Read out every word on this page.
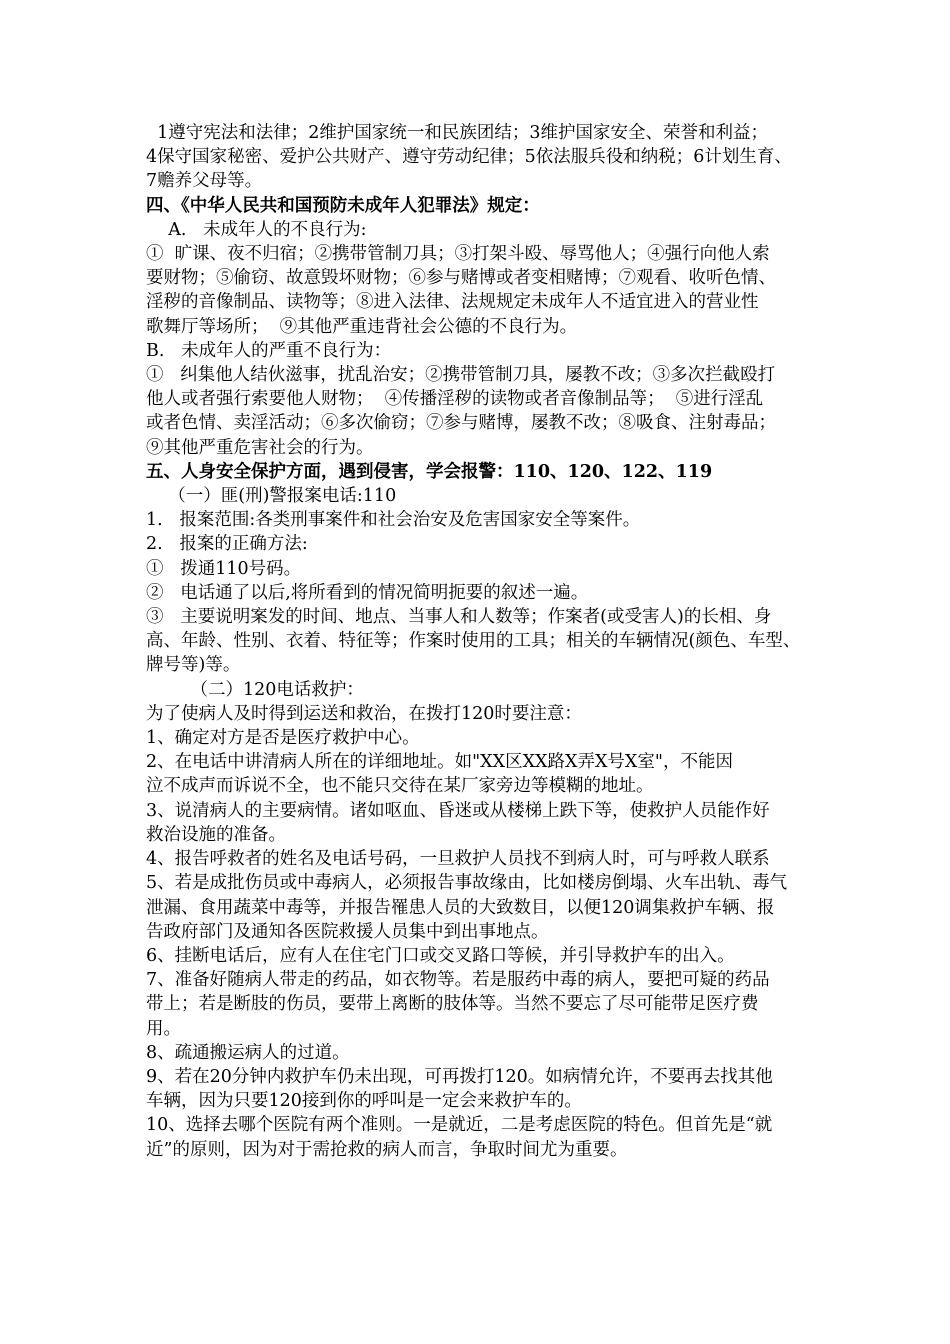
1遵守宪法和法律；2维护国家统一和民族团结；3维护国家安全、荣誉和利益；
4保守国家秘密、爱护公共财产、遵守劳动纪律；5依法服兵役和纳税；6计划生育、
7赡养父母等。
四、《中华人民共和国预防未成年人犯罪法》规定：
A.   未成年人的不良行为:
①  旷课、夜不归宿；②携带管制刀具；③打架斗殴、辱骂他人；④强行向他人索
要财物；⑤偷窃、故意毁坏财物；⑥参与赌博或者变相赌博；⑦观看、收听色情、
淫秽的音像制品、读物等；⑧进入法律、法规规定未成年人不适宜进入的营业性
歌舞厅等场所；  ⑨其他严重违背社会公德的不良行为。
B.   未成年人的严重不良行为：
①   纠集他人结伙滋事，扰乱治安；②携带管制刀具，屡教不改；③多次拦截殴打
他人或者强行索要他人财物；  ④传播淫秽的读物或者音像制品等；  ⑤进行淫乱
或者色情、卖淫活动；⑥多次偷窃；⑦参与赌博，屡教不改；⑧吸食、注射毒品；
⑨其他严重危害社会的行为。
五、人身安全保护方面，遇到侵害，学会报警：110、120、122、119
（一）匪(刑)警报案电话:110
1.   报案范围:各类刑事案件和社会治安及危害国家安全等案件。
2.   报案的正确方法:
①   拨通110号码。
②   电话通了以后,将所看到的情况简明扼要的叙述一遍。
③   主要说明案发的时间、地点、当事人和人数等；作案者(或受害人)的长相、身
高、年龄、性别、衣着、特征等；作案时使用的工具；相关的车辆情况(颜色、车型、
牌号等)等。
（二）120电话救护：
为了使病人及时得到运送和救治，在拨打120时要注意：
1、确定对方是否是医疗救护中心。
2、在电话中讲清病人所在的详细地址。如"XX区XX路X弄X号X室"，不能因
泣不成声而诉说不全，也不能只交待在某厂家旁边等模糊的地址。
3、说清病人的主要病情。诸如呕血、昏迷或从楼梯上跌下等，使救护人员能作好
救治设施的准备。
4、报告呼救者的姓名及电话号码，一旦救护人员找不到病人时，可与呼救人联系
5、若是成批伤员或中毒病人，必须报告事故缘由，比如楼房倒塌、火车出轨、毒气
泄漏、食用蔬菜中毒等，并报告罹患人员的大致数目，以便120调集救护车辆、报
告政府部门及通知各医院救援人员集中到出事地点。
6、挂断电话后，应有人在住宅门口或交叉路口等候，并引导救护车的出入。
7、准备好随病人带走的药品，如衣物等。若是服药中毒的病人，要把可疑的药品
带上；若是断肢的伤员，要带上离断的肢体等。当然不要忘了尽可能带足医疗费
用。
8、疏通搬运病人的过道。
9、若在20分钟内救护车仍未出现，可再拨打120。如病情允许，不要再去找其他
车辆，因为只要120接到你的呼叫是一定会来救护车的。
10、选择去哪个医院有两个准则。一是就近，二是考虑医院的特色。但首先是“就
近”的原则，因为对于需抢救的病人而言，争取时间尤为重要。
